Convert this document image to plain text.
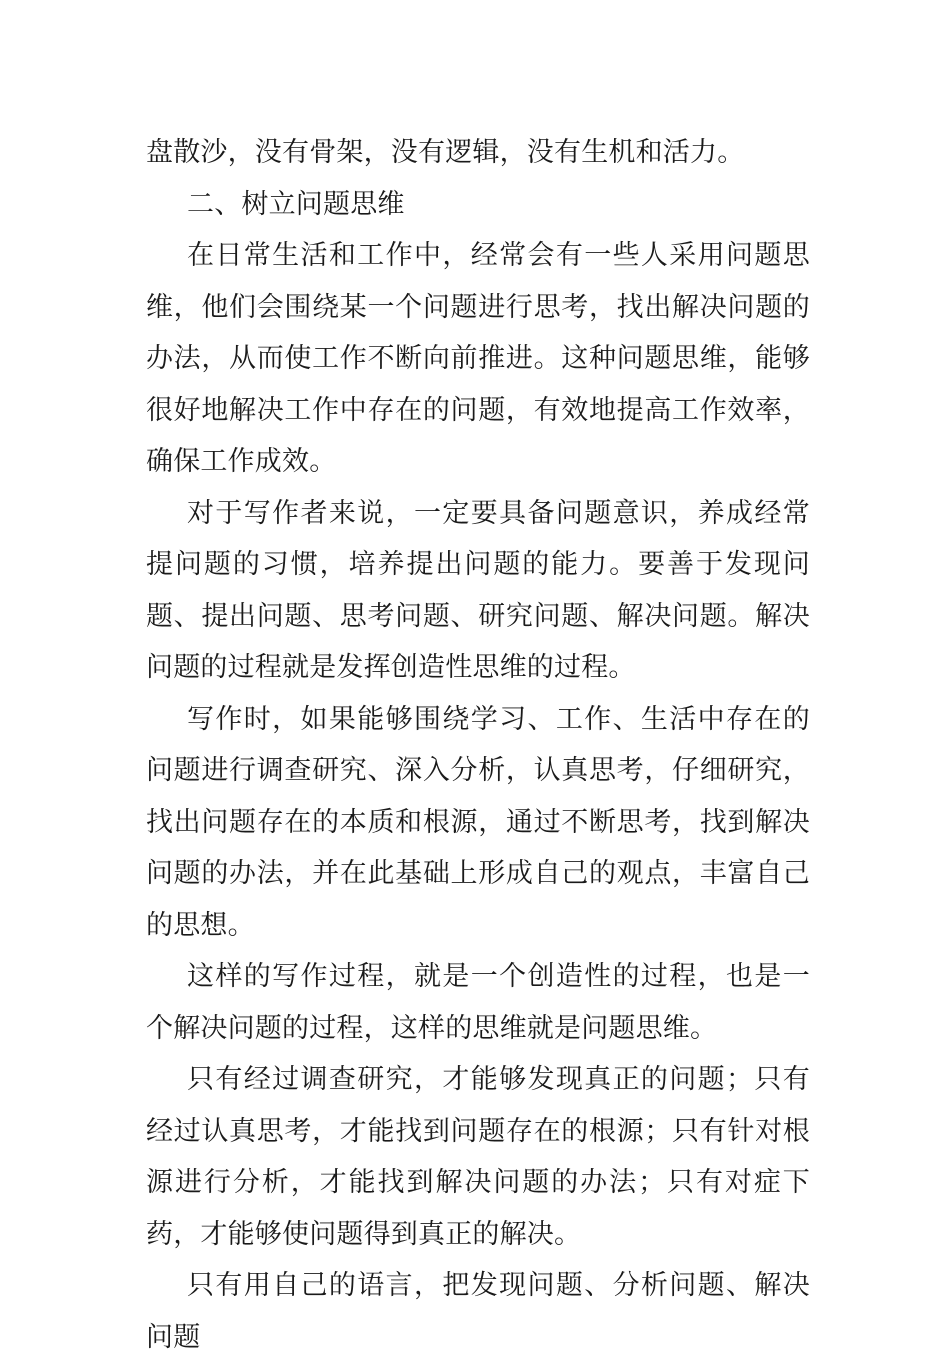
盘散沙，没有骨架，没有逻辑，没有生机和活力。

二、树立问题思维

在日常生活和工作中，经常会有一些人采用问题思维，他们会围绕某一个问题进行思考，找出解决问题的办法，从而使工作不断向前推进。这种问题思维，能够很好地解决工作中存在的问题，有效地提高工作效率，确保工作成效。

对于写作者来说，一定要具备问题意识，养成经常提问题的习惯，培养提出问题的能力。要善于发现问题、提出问题、思考问题、研究问题、解决问题。解决问题的过程就是发挥创造性思维的过程。

写作时，如果能够围绕学习、工作、生活中存在的问题进行调查研究、深入分析，认真思考，仔细研究，找出问题存在的本质和根源，通过不断思考，找到解决问题的办法，并在此基础上形成自己的观点，丰富自己的思想。

这样的写作过程，就是一个创造性的过程，也是一个解决问题的过程，这样的思维就是问题思维。

只有经过调查研究，才能够发现真正的问题；只有经过认真思考，才能找到问题存在的根源；只有针对根源进行分析，才能找到解决问题的办法；只有对症下药，才能够使问题得到真正的解决。

只有用自己的语言，把发现问题、分析问题、解决问题
